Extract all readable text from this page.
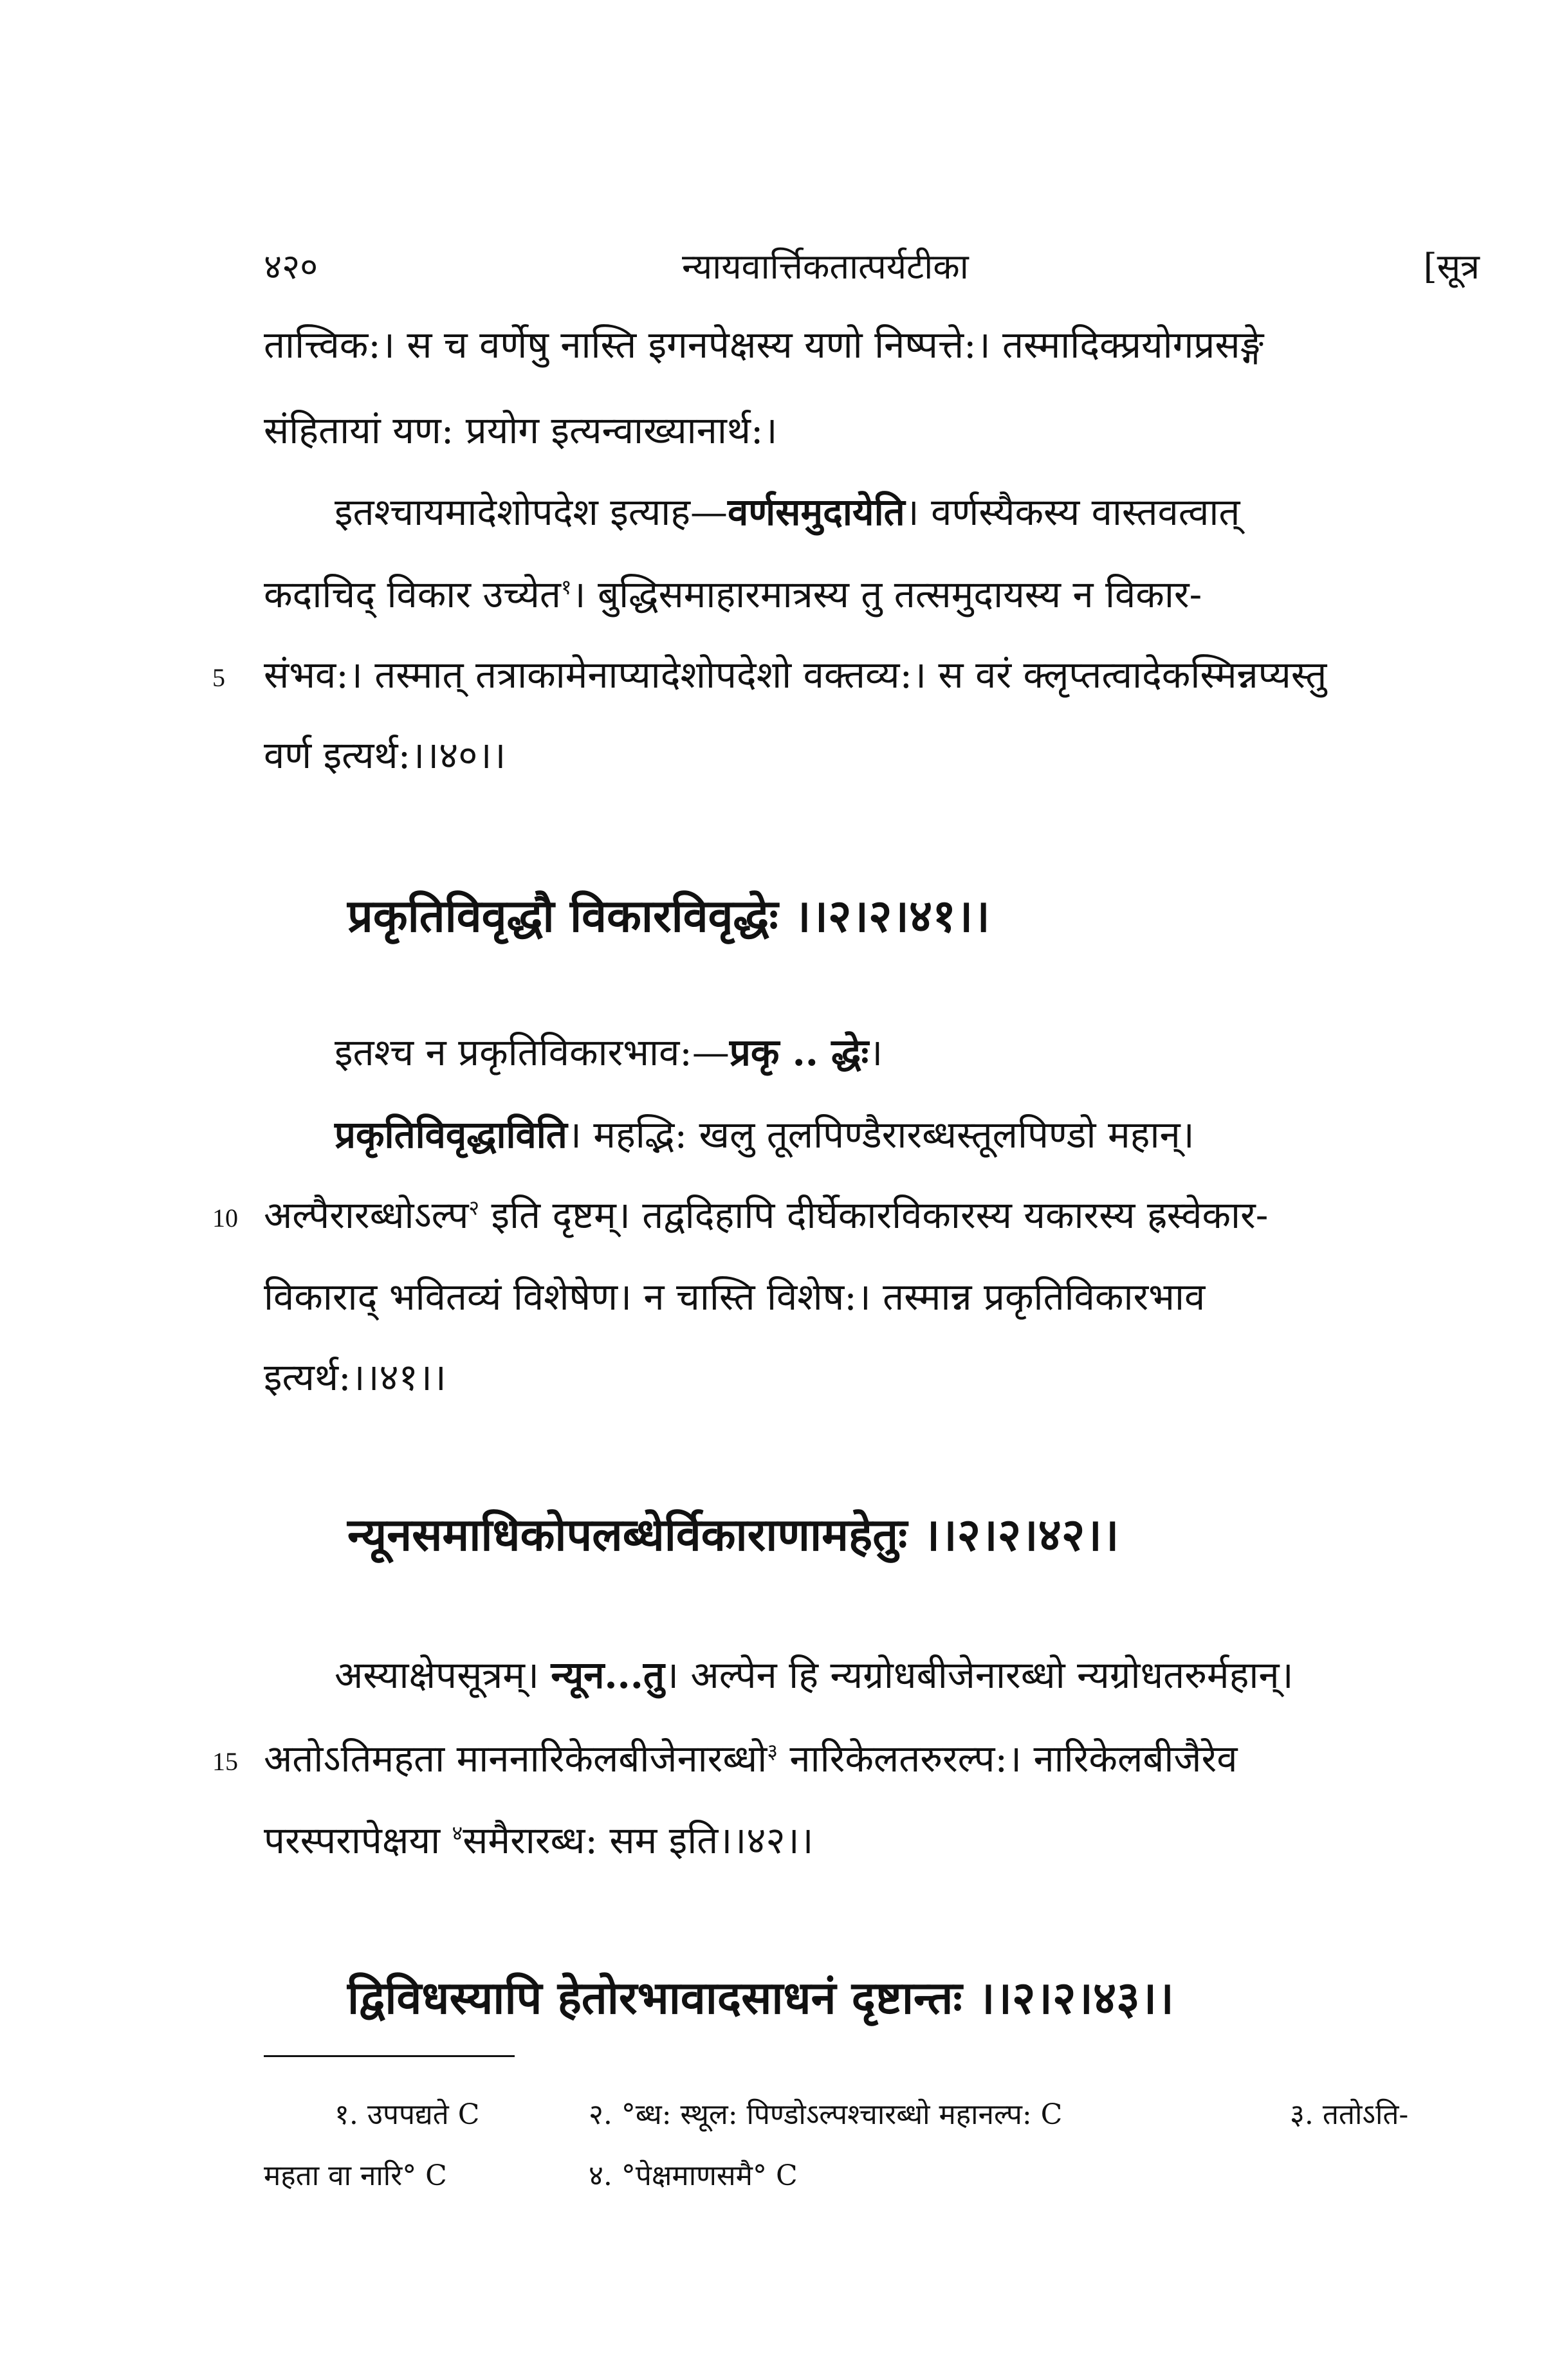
४२०	न्यायवार्त्तिकतात्पर्यटीका	[सूत्र
तात्त्विक:। स च वर्णेषु नास्ति इगनपेक्षस्य यणो निष्पत्ते:। तस्मादिक्प्रयोगप्रसङ्गे
संहितायां यण: प्रयोग इत्यन्वाख्यानार्थ:।
इतश्चायमादेशोपदेश इत्याह—वर्णसमुदायेति। वर्णस्यैकस्य वास्तवत्वात्
कदाचिद् विकार उच्येत$^१$। बुद्धिसमाहारमात्रस्य तु तत्समुदायस्य न विकार-
5 संभव:। तस्मात् तत्राकामेनाप्यादेशोपदेशो वक्तव्य:। स वरं क्लृप्तत्वादेकस्मिन्नप्यस्तु
वर्ण इत्यर्थ:।।४०।।
प्रकृतिविवृद्धौ विकारविवृद्धेः ।।२।२।४१।।
इतश्च न प्रकृतिविकारभाव:—प्रकृ .. द्धेः।
प्रकृतिविवृद्धाविति। महद्भि: खलु तूलपिण्डैरारब्धस्तूलपिण्डो महान्।
10 अल्पैरारब्धोऽल्प$^२$ इति दृष्टम्। तद्वदिहापि दीर्घेकारविकारस्य यकारस्य ह्रस्वेकार-
विकाराद् भवितव्यं विशेषेण। न चास्ति विशेष:। तस्मान्न प्रकृतिविकारभाव
इत्यर्थ:।।४१।।
न्यूनसमाधिकोपलब्धेर्विकाराणामहेतुः ।।२।२।४२।।
अस्याक्षेपसूत्रम्। न्यून...तु। अल्पेन हि न्यग्रोधबीजेनारब्धो न्यग्रोधतरुर्महान्।
15 अतोऽतिमहता माननारिकेलबीजेनारब्धो$^३$ नारिकेलतरुरल्प:। नारिकेलबीजैरेव
परस्परापेक्षया $^४$समैरारब्ध: सम इति।।४२।।
द्विविधस्यापि हेतोरभावादसाधनं दृष्टान्तः ।।२।२।४३।।
१. उपपद्यते C	२. °ब्ध: स्थूल: पिण्डोऽल्पश्चारब्धो महानल्प: C	३. ततोऽति-
महता वा नारि° C	४. °पेक्षमाणसमै° C
